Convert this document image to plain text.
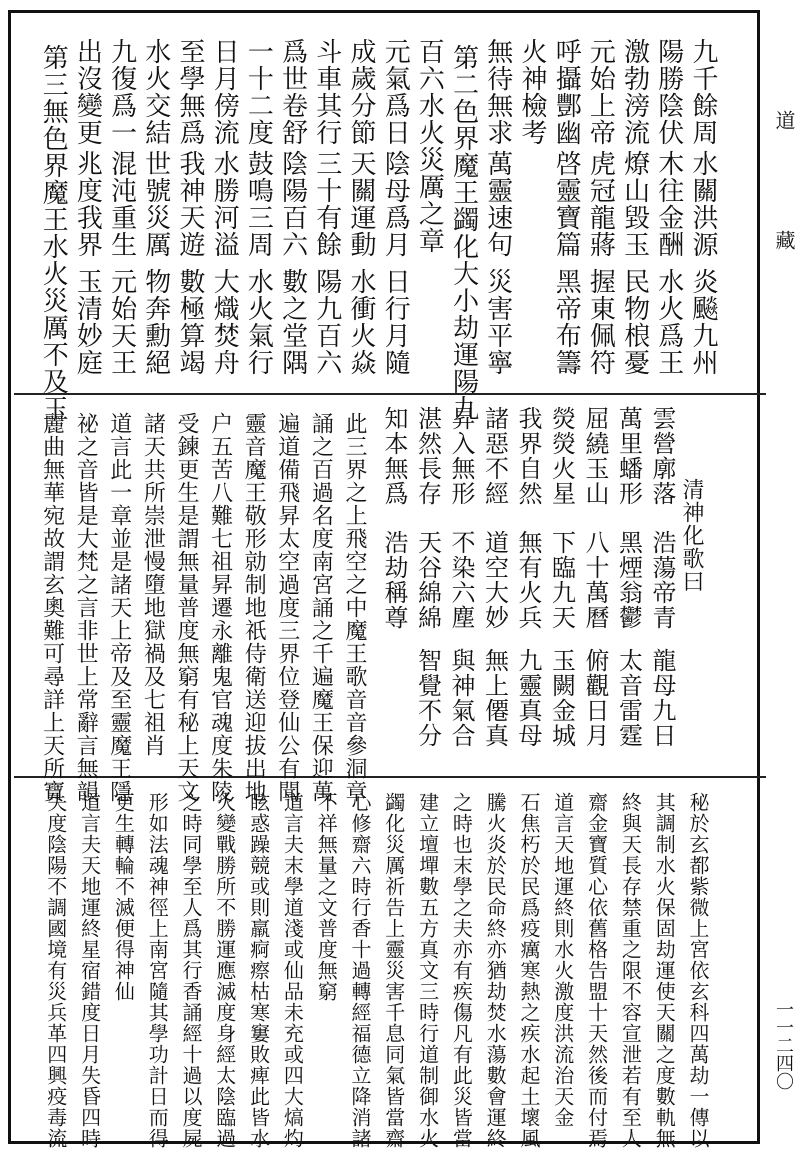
道　藏
一一二四〇
九千餘周
水關洪源
炎飈九州
陽勝陰伏
木往金酬
水火爲王
激勃滂流
燎山毀玉
民物桹憂
元始上帝
虎冠龍蔣
握東佩符
呼攝酆幽
啓靈寶篇
黑帝布籌
火神檢考
無待無求
萬靈速句
災害平寧
第二色界魔王蠲化大小劫運陽九
百六水火災厲之章
元氣爲日
陰母爲月
日行月隨
成歲分節
天關運動
水衝火焱
斗車其行
三十有餘
陽九百六
爲世卷舒
陰陽百六
數之堂隅
一十二度
鼓鳴三周
水火氣行
日月傍流
水勝河溢
大熾焚舟
至學無爲
我神天遊
數極算竭
水火交結
世號災厲
物奔勳絕
九復爲一
混沌重生
元始天王
出沒變更
兆度我界
玉清妙庭
第三無色界魔王水火災厲不及玉
清神化歌曰
雲營廓落
浩蕩帝青
龍母九日
萬里蟠形
黑煙翁鬱
太音雷霆
屈繞玉山
八十萬曆
俯觀日月
熒熒火星
下臨九天
玉闕金城
我界自然
無有火兵
九靈真母
諸惡不經
道空大妙
無上僊真
昇入無形
不染六塵
與神氣合
湛然長存
天谷綿綿
智覺不分
知本無爲
浩劫稱尊
此三界之上飛空之中魔王歌音音參洞章
誦之百過名度南宮誦之千遍魔王保迎萬
遍道備飛昇太空過度三界位登仙公有聞
靈音魔王敬形勍制地祇侍衛送迎拔出地
户五苦八難七祖昇遷永離鬼官魂度朱陵
受鍊更生是謂無量普度無窮有秘上天文
諸天共所崇泄慢墮地獄禍及七祖肖
道言此一章並是諸天上帝及至靈魔王隱
祕之音皆是大梵之言非世上常辭言無韻
麗曲無華宛故謂玄奧難可尋詳上天所寶
秘於玄都紫微上宮依玄科四萬劫一傳以
其調制水火保固劫運使天關之度數軌無
終與天長存禁重之限不容宣泄若有至人
齋金寶質心依舊格告盟十天然後而付焉
道言天地運終則水火激度洪流治天金
石焦朽於民爲疫癘寒熱之疾水起土壞風
騰火炎於民命終亦猶劫焚水蕩數會運終
之時也末學之夫亦有疾傷凡有此災皆當
建立壇墠數五方真文三時行道制御水火
蠲化災厲祈告上靈災害千息同氣皆當齋
心修齋六時行香十過轉經福德立降消諸
不祥無量之文普度無窮
道言夫末學道淺或仙品未充或四大熇灼
眩惑躁競或則羸痾瘵枯寒窶敗痺此皆水
火變戰勝所不勝運應滅度身經太陰臨過
之時同學至人爲其行香誦經十過以度屍
形如法魂神徑上南宮隨其學功計日而得
更生轉輪不滅便得神仙
道言夫天地運終星宿錯度日月失昏四時
失度陰陽不調國境有災兵革四興疫毒流
